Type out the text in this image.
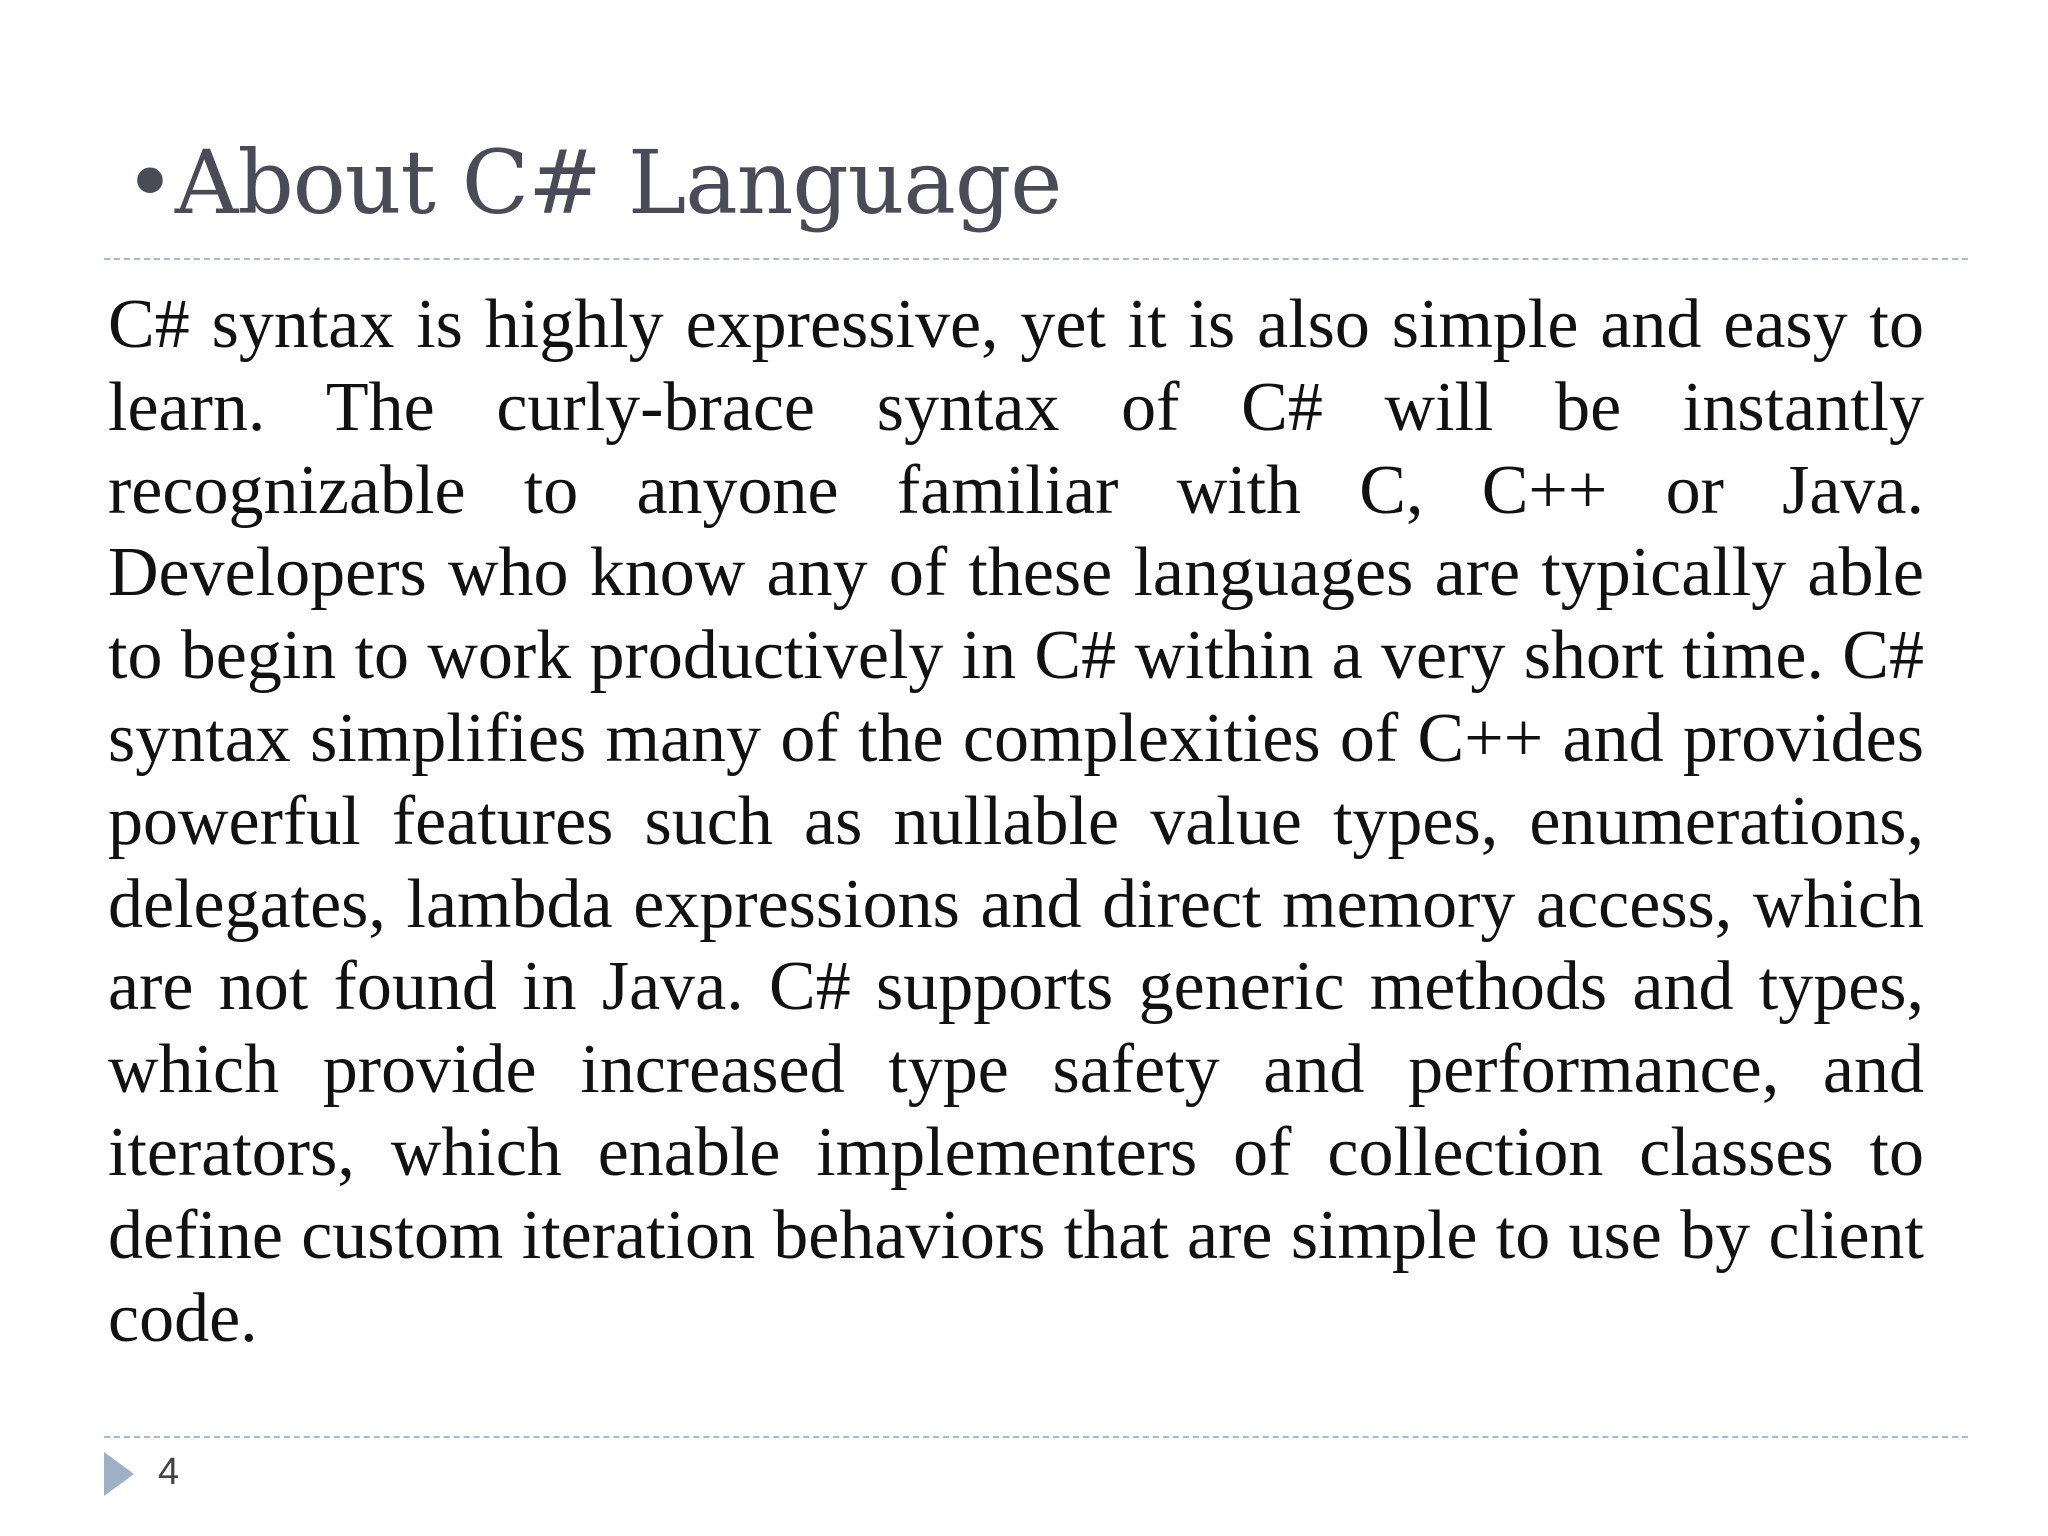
•About C# Language

C# syntax is highly expressive, yet it is also simple and easy to learn. The curly-brace syntax of C# will be instantly recognizable to anyone familiar with C, C++ or Java. Developers who know any of these languages are typically able to begin to work productively in C# within a very short time. C# syntax simplifies many of the complexities of C++ and provides powerful features such as nullable value types, enumerations, delegates, lambda expressions and direct memory access, which are not found in Java. C# supports generic methods and types, which provide increased type safety and performance, and iterators, which enable implementers of collection classes to define custom iteration behaviors that are simple to use by client code.

4
